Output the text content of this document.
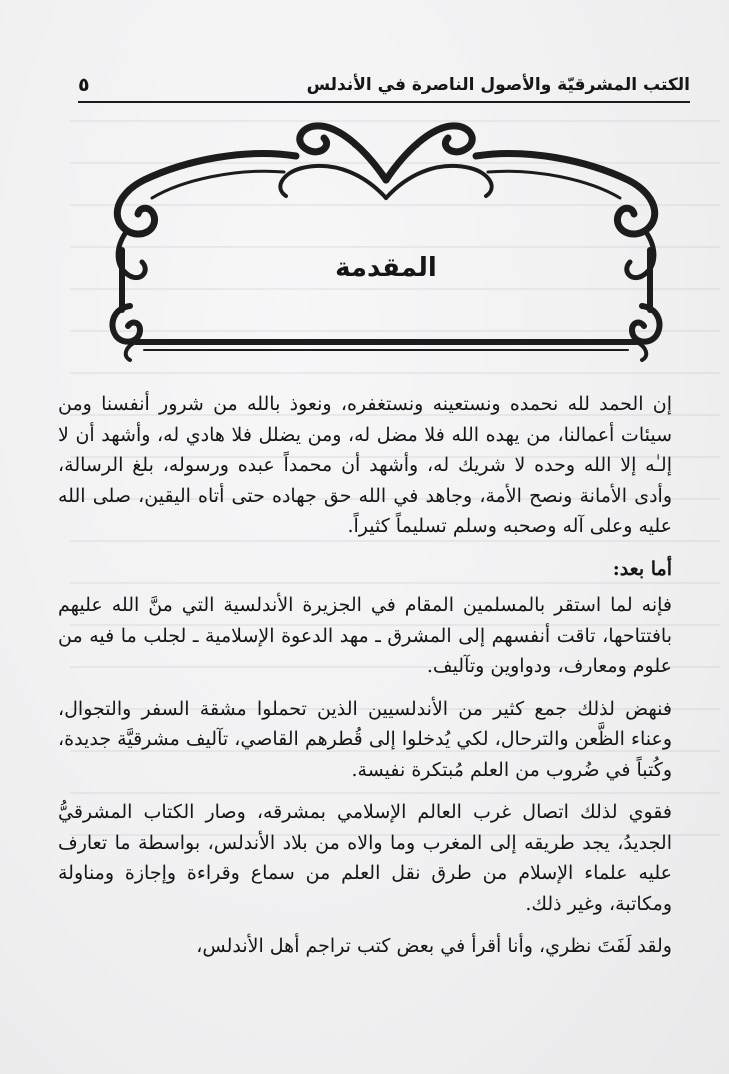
الكتب المشرقيّة والأصول الناصرة في الأندلس
٥
المقدمة

إن الحمد لله نحمده ونستعينه ونستغفره، ونعوذ بالله من شرور أنفسنا ومن سيئات أعمالنا، من يهده الله فلا مضل له، ومن يضلل فلا هادي له، وأشهد أن لا إلـٰه إلا الله وحده لا شريك له، وأشهد أن محمداً عبده ورسوله، بلغ الرسالة، وأدى الأمانة ونصح الأمة، وجاهد في الله حق جهاده حتى أتاه اليقين، صلى الله عليه وعلى آله وصحبه وسلم تسليماً كثيراً.

أما بعد:

فإنه لما استقر بالمسلمين المقام في الجزيرة الأندلسية التي منَّ الله عليهم بافتتاحها، تاقت أنفسهم إلى المشرق ـ مهد الدعوة الإسلامية ـ لجلب ما فيه من علوم ومعارف، ودواوين وتآليف.

فنهض لذلك جمع كثير من الأندلسيين الذين تحملوا مشقة السفر والتجوال، وعناء الظَّعن والترحال، لكي يُدخلوا إلى قُطرهم القاصي، تآليف مشرقيَّة جديدة، وكُتباً في ضُروب من العلم مُبتكرة نفيسة.

فقوي لذلك اتصال غرب العالم الإسلامي بمشرقه، وصار الكتاب المشرقيُّ الجديدُ، يجد طريقه إلى المغرب وما والاه من بلاد الأندلس، بواسطة ما تعارف عليه علماء الإسلام من طرق نقل العلم من سماع وقراءة وإجازة ومناولة ومكاتبة، وغير ذلك.

ولقد لَفَتَ نظري، وأنا أقرأ في بعض كتب تراجم أهل الأندلس،
